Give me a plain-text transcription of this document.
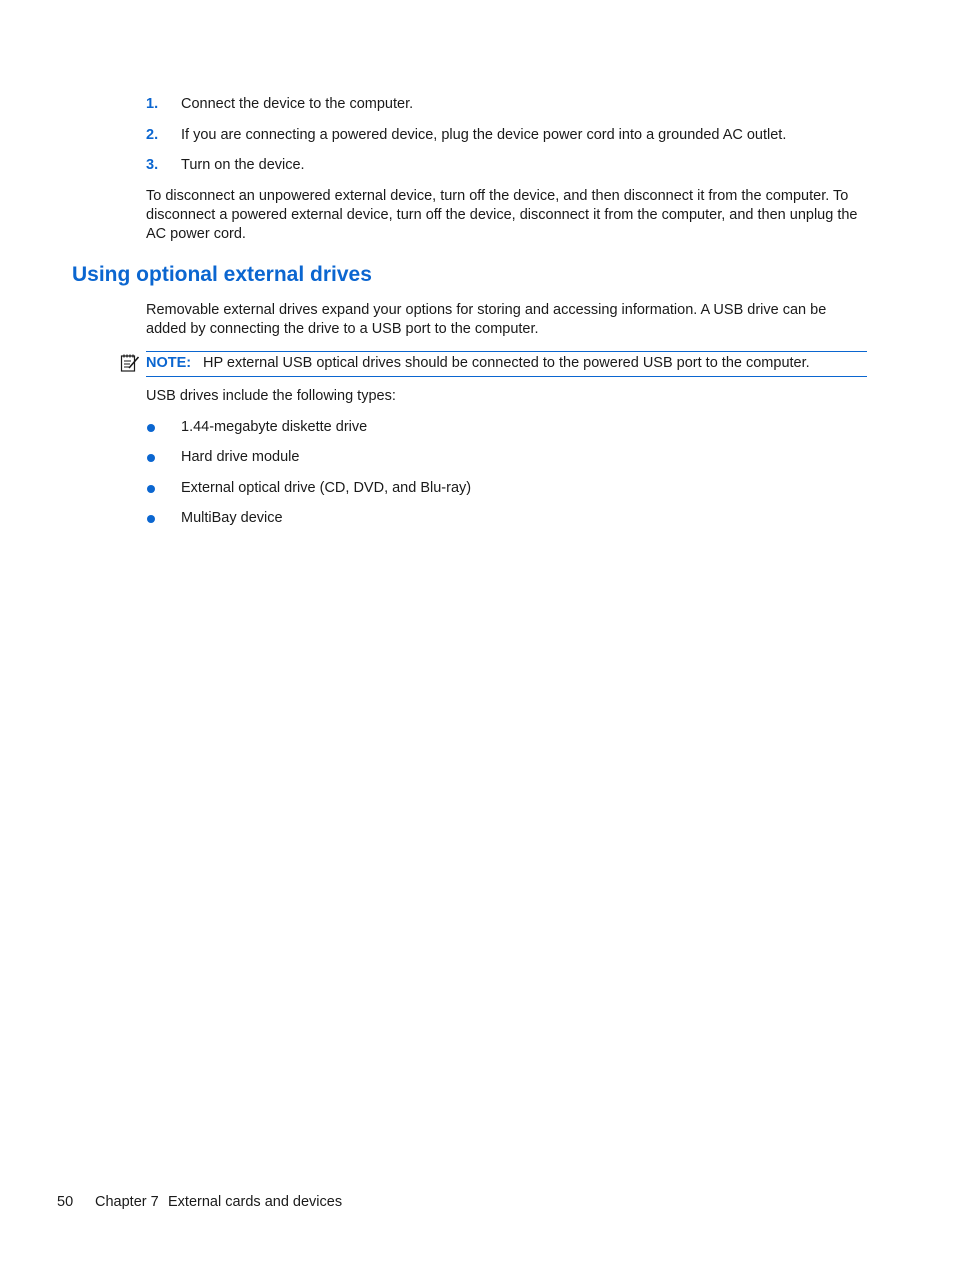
1. Connect the device to the computer.
2. If you are connecting a powered device, plug the device power cord into a grounded AC outlet.
3. Turn on the device.
To disconnect an unpowered external device, turn off the device, and then disconnect it from the computer. To disconnect a powered external device, turn off the device, disconnect it from the computer, and then unplug the AC power cord.
Using optional external drives
Removable external drives expand your options for storing and accessing information. A USB drive can be added by connecting the drive to a USB port to the computer.
NOTE: HP external USB optical drives should be connected to the powered USB port to the computer.
USB drives include the following types:
1.44-megabyte diskette drive
Hard drive module
External optical drive (CD, DVD, and Blu-ray)
MultiBay device
50 Chapter 7 External cards and devices
